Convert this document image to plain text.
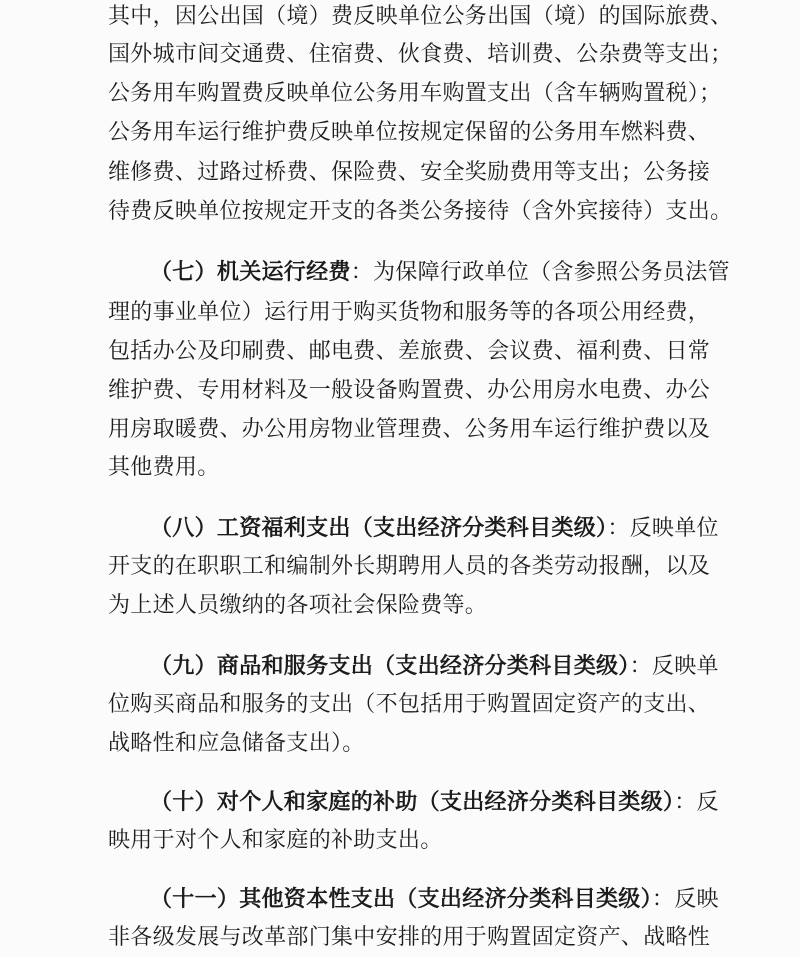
其中，因公出国（境）费反映单位公务出国（境）的国际旅费、
国外城市间交通费、住宿费、伙食费、培训费、公杂费等支出；
公务用车购置费反映单位公务用车购置支出（含车辆购置税）；
公务用车运行维护费反映单位按规定保留的公务用车燃料费、
维修费、过路过桥费、保险费、安全奖励费用等支出；公务接
待费反映单位按规定开支的各类公务接待（含外宾接待）支出。
（七）机关运行经费：为保障行政单位（含参照公务员法管
理的事业单位）运行用于购买货物和服务等的各项公用经费，
包括办公及印刷费、邮电费、差旅费、会议费、福利费、日常
维护费、专用材料及一般设备购置费、办公用房水电费、办公
用房取暖费、办公用房物业管理费、公务用车运行维护费以及
其他费用。
（八）工资福利支出（支出经济分类科目类级）：反映单位
开支的在职职工和编制外长期聘用人员的各类劳动报酬，以及
为上述人员缴纳的各项社会保险费等。
（九）商品和服务支出（支出经济分类科目类级）：反映单
位购买商品和服务的支出（不包括用于购置固定资产的支出、
战略性和应急储备支出）。
（十）对个人和家庭的补助（支出经济分类科目类级）：反
映用于对个人和家庭的补助支出。
（十一）其他资本性支出（支出经济分类科目类级）：反映
非各级发展与改革部门集中安排的用于购置固定资产、战略性
